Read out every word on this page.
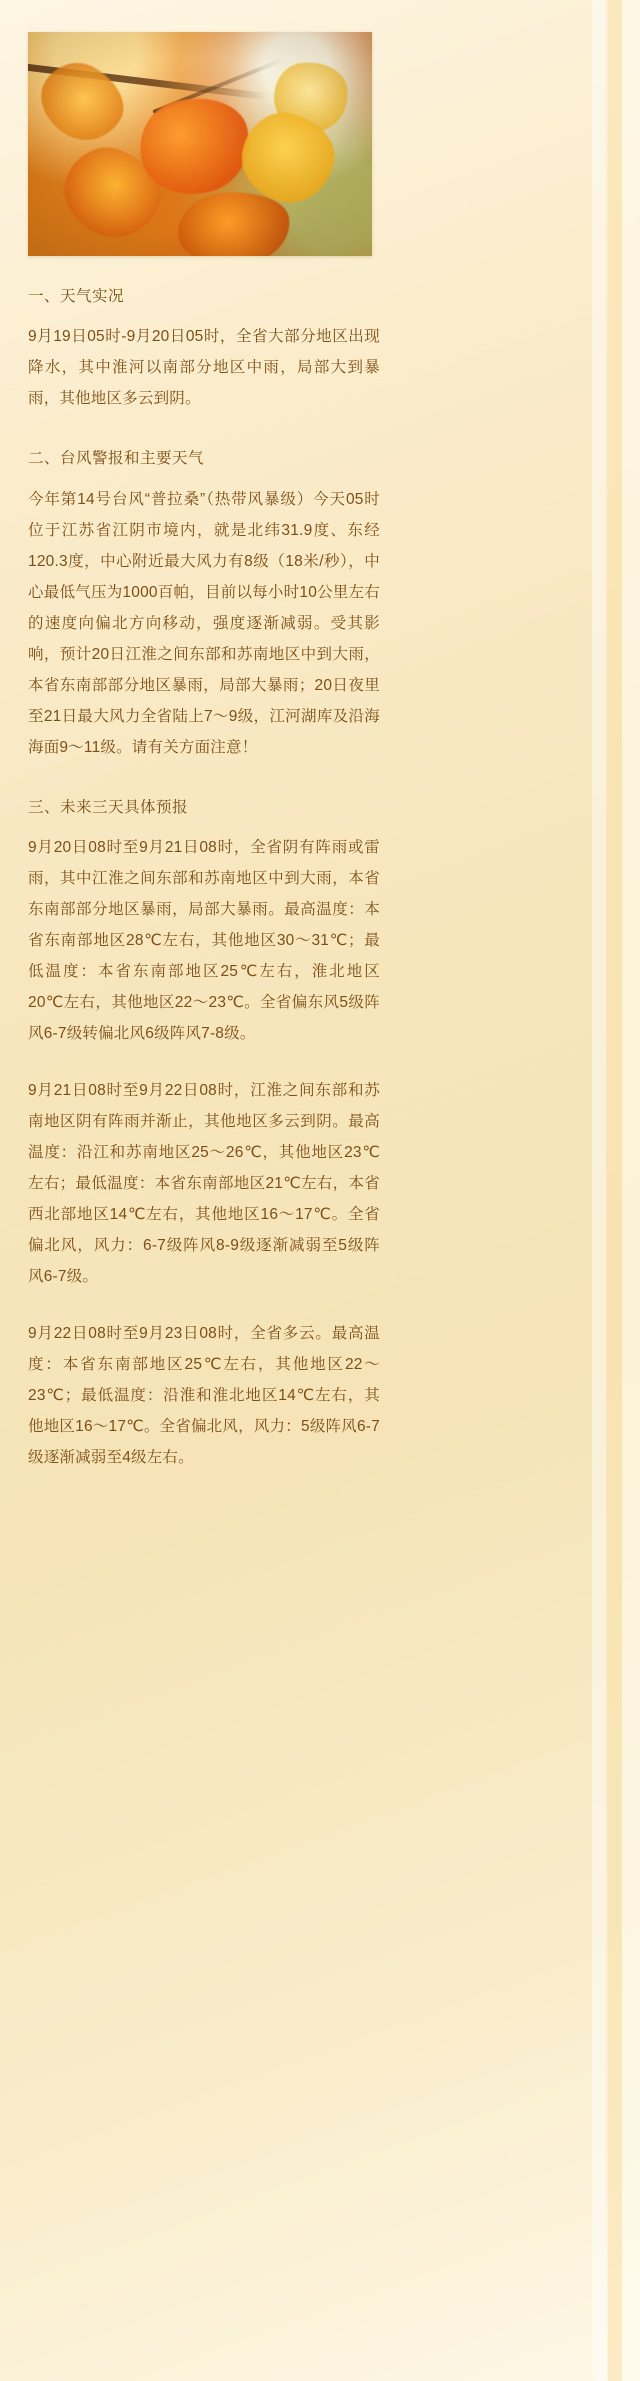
一、天气实况

9月19日05时-9月20日05时，全省大部分地区出现降水，其中淮河以南部分地区中雨，局部大到暴雨，其他地区多云到阴。

二、台风警报和主要天气

今年第14号台风“普拉桑”（热带风暴级）今天05时位于江苏省江阴市境内，就是北纬31.9度、东经120.3度，中心附近最大风力有8级（18米/秒），中心最低气压为1000百帕，目前以每小时10公里左右的速度向偏北方向移动，强度逐渐减弱。受其影响，预计20日江淮之间东部和苏南地区中到大雨，本省东南部部分地区暴雨，局部大暴雨；20日夜里至21日最大风力全省陆上7～9级，江河湖库及沿海海面9～11级。请有关方面注意！

三、未来三天具体预报

9月20日08时至9月21日08时，全省阴有阵雨或雷雨，其中江淮之间东部和苏南地区中到大雨，本省东南部部分地区暴雨，局部大暴雨。最高温度：本省东南部地区28℃左右，其他地区30～31℃；最低温度：本省东南部地区25℃左右，淮北地区20℃左右，其他地区22～23℃。全省偏东风5级阵风6-7级转偏北风6级阵风7-8级。

9月21日08时至9月22日08时，江淮之间东部和苏南地区阴有阵雨并渐止，其他地区多云到阴。最高温度：沿江和苏南地区25～26℃，其他地区23℃左右；最低温度：本省东南部地区21℃左右，本省西北部地区14℃左右，其他地区16～17℃。全省偏北风，风力：6-7级阵风8-9级逐渐减弱至5级阵风6-7级。

9月22日08时至9月23日08时，全省多云。最高温度：本省东南部地区25℃左右，其他地区22～23℃；最低温度：沿淮和淮北地区14℃左右，其他地区16～17℃。全省偏北风，风力：5级阵风6-7级逐渐减弱至4级左右。
